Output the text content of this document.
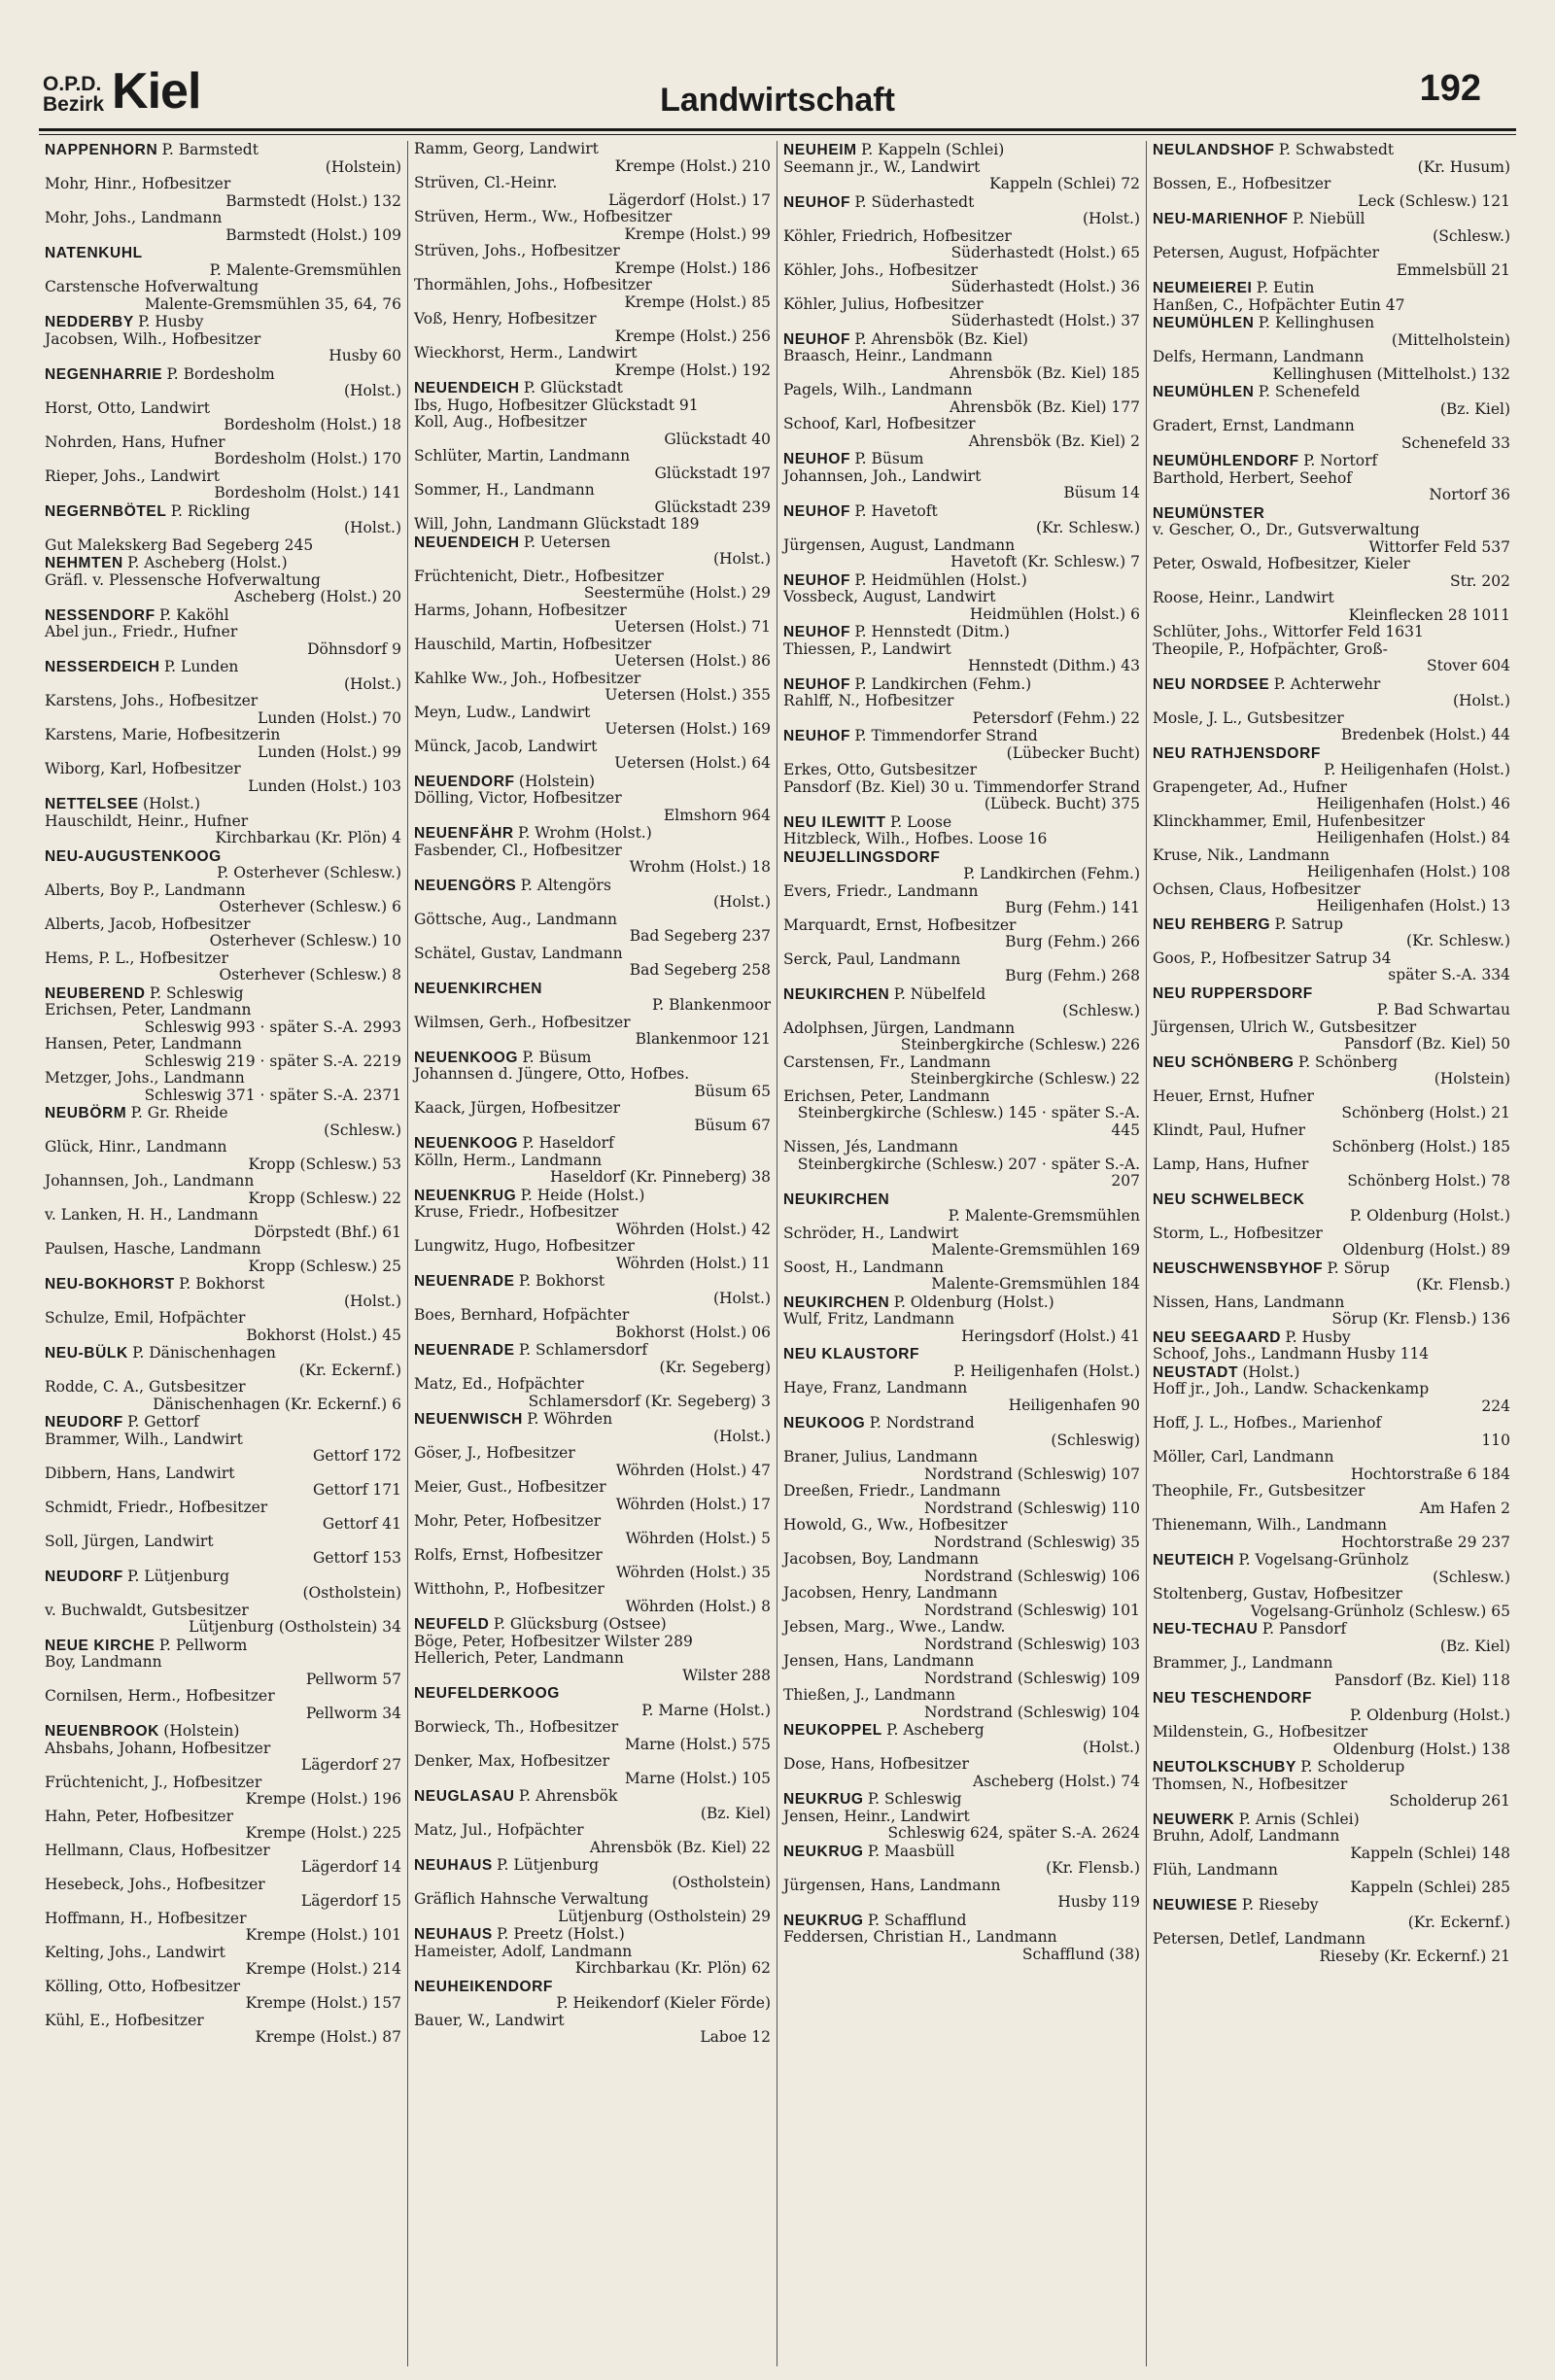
O.P.D.
Bezirk Kiel	Landwirtschaft	192
NAPPENHORN P. Barmstedt
(Holstein)
Mohr, Hinr., Hofbesitzer
Barmstedt (Holst.) 132
Mohr, Johs., Landmann
Barmstedt (Holst.) 109
NATENKUHL
P. Malente-Gremsmühlen
Carstensche Hofverwaltung
Malente-Gremsmühlen 35, 64, 76
NEDDERBY P. Husby
Jacobsen, Wilh., Hofbesitzer
Husby 60
NEGENHARRIE P. Bordesholm
(Holst.)
Horst, Otto, Landwirt
Bordesholm (Holst.) 18
Nohrden, Hans, Hufner
Bordesholm (Holst.) 170
Rieper, Johs., Landwirt
Bordesholm (Holst.) 141
NEGERNBÖTEL P. Rickling
(Holst.)
Gut Malekskerg Bad Segeberg 245
NEHMTEN P. Ascheberg (Holst.)
Gräfl. v. Plessensche Hofverwaltung
Ascheberg (Holst.) 20
NESSENDORF P. Kaköhl
Abel jun., Friedr., Hufner
Döhnsdorf 9
NESSERDEICH P. Lunden
(Holst.)
Karstens, Johs., Hofbesitzer
Lunden (Holst.) 70
Karstens, Marie, Hofbesitzerin
Lunden (Holst.) 99
Wiborg, Karl, Hofbesitzer
Lunden (Holst.) 103
NETTELSEE (Holst.)
Hauschildt, Heinr., Hufner
Kirchbarkau (Kr. Plön) 4
NEU-AUGUSTENKOOG
P. Osterhever (Schlesw.)
Alberts, Boy P., Landmann
Osterhever (Schlesw.) 6
Alberts, Jacob, Hofbesitzer
Osterhever (Schlesw.) 10
Hems, P. L., Hofbesitzer
Osterhever (Schlesw.) 8
NEUBEREND P. Schleswig
Erichsen, Peter, Landmann
Schleswig 993 · später S.-A. 2993
Hansen, Peter, Landmann
Schleswig 219 · später S.-A. 2219
Metzger, Johs., Landmann
Schleswig 371 · später S.-A. 2371
NEUBÖRM P. Gr. Rheide
(Schlesw.)
Glück, Hinr., Landmann
Kropp (Schlesw.) 53
Johannsen, Joh., Landmann
Kropp (Schlesw.) 22
v. Lanken, H. H., Landmann
Dörpstedt (Bhf.) 61
Paulsen, Hasche, Landmann
Kropp (Schlesw.) 25
NEU-BOKHORST P. Bokhorst
(Holst.)
Schulze, Emil, Hofpächter
Bokhorst (Holst.) 45
NEU-BÜLK P. Dänischenhagen
(Kr. Eckernf.)
Rodde, C. A., Gutsbesitzer
Dänischenhagen (Kr. Eckernf.) 6
NEUDORF P. Gettorf
Brammer, Wilh., Landwirt
Gettorf 172
Dibbern, Hans, Landwirt
Gettorf 171
Schmidt, Friedr., Hofbesitzer
Gettorf 41
Soll, Jürgen, Landwirt
Gettorf 153
NEUDORF P. Lütjenburg
(Ostholstein)
v. Buchwaldt, Gutsbesitzer
Lütjenburg (Ostholstein) 34
NEUE KIRCHE P. Pellworm
Boy, Landmann
Pellworm 57
Cornilsen, Herm., Hofbesitzer
Pellworm 34
NEUENBROOK (Holstein)
Ahsbahs, Johann, Hofbesitzer
Lägerdorf 27
Früchtenicht, J., Hofbesitzer
Krempe (Holst.) 196
Hahn, Peter, Hofbesitzer
Krempe (Holst.) 225
Hellmann, Claus, Hofbesitzer
Lägerdorf 14
Hesebeck, Johs., Hofbesitzer
Lägerdorf 15
Hoffmann, H., Hofbesitzer
Krempe (Holst.) 101
Kelting, Johs., Landwirt
Krempe (Holst.) 214
Kölling, Otto, Hofbesitzer
Krempe (Holst.) 157
Kühl, E., Hofbesitzer
Krempe (Holst.) 87
Ramm, Georg, Landwirt
Krempe (Holst.) 210
Strüven, Cl.-Heinr.
Lägerdorf (Holst.) 17
Strüven, Herm., Ww., Hofbesitzer
Krempe (Holst.) 99
Strüven, Johs., Hofbesitzer
Krempe (Holst.) 186
Thormählen, Johs., Hofbesitzer
Krempe (Holst.) 85
Voß, Henry, Hofbesitzer
Krempe (Holst.) 256
Wieckhorst, Herm., Landwirt
Krempe (Holst.) 192
NEUENDEICH P. Glückstadt
Ibs, Hugo, Hofbesitzer Glückstadt 91
Koll, Aug., Hofbesitzer
Glückstadt 40
Schlüter, Martin, Landmann
Glückstadt 197
Sommer, H., Landmann
Glückstadt 239
Will, John, Landmann Glückstadt 189
NEUENDEICH P. Uetersen
(Holst.)
Früchtenicht, Dietr., Hofbesitzer
Seestermühe (Holst.) 29
Harms, Johann, Hofbesitzer
Uetersen (Holst.) 71
Hauschild, Martin, Hofbesitzer
Uetersen (Holst.) 86
Kahlke Ww., Joh., Hofbesitzer
Uetersen (Holst.) 355
Meyn, Ludw., Landwirt
Uetersen (Holst.) 169
Münck, Jacob, Landwirt
Uetersen (Holst.) 64
NEUENDORF (Holstein)
Dölling, Victor, Hofbesitzer
Elmshorn 964
NEUENFÄHR P. Wrohm (Holst.)
Fasbender, Cl., Hofbesitzer
Wrohm (Holst.) 18
NEUENGÖRS P. Altengörs
(Holst.)
Göttsche, Aug., Landmann
Bad Segeberg 237
Schätel, Gustav, Landmann
Bad Segeberg 258
NEUENKIRCHEN
P. Blankenmoor
Wilmsen, Gerh., Hofbesitzer
Blankenmoor 121
NEUENKOOG P. Büsum
Johannsen d. Jüngere, Otto, Hofbes.
Büsum 65
Kaack, Jürgen, Hofbesitzer
Büsum 67
NEUENKOOG P. Haseldorf
Kölln, Herm., Landmann
Haseldorf (Kr. Pinneberg) 38
NEUENKRUG P. Heide (Holst.)
Kruse, Friedr., Hofbesitzer
Wöhrden (Holst.) 42
Lungwitz, Hugo, Hofbesitzer
Wöhrden (Holst.) 11
NEUENRADE P. Bokhorst
(Holst.)
Boes, Bernhard, Hofpächter
Bokhorst (Holst.) 06
NEUENRADE P. Schlamersdorf
(Kr. Segeberg)
Matz, Ed., Hofpächter
Schlamersdorf (Kr. Segeberg) 3
NEUENWISCH P. Wöhrden
(Holst.)
Göser, J., Hofbesitzer
Wöhrden (Holst.) 47
Meier, Gust., Hofbesitzer
Wöhrden (Holst.) 17
Mohr, Peter, Hofbesitzer
Wöhrden (Holst.) 5
Rolfs, Ernst, Hofbesitzer
Wöhrden (Holst.) 35
Witthohn, P., Hofbesitzer
Wöhrden (Holst.) 8
NEUFELD P. Glücksburg (Ostsee)
Böge, Peter, Hofbesitzer Wilster 289
Hellerich, Peter, Landmann
Wilster 288
NEUFELDERKOOG
P. Marne (Holst.)
Borwieck, Th., Hofbesitzer
Marne (Holst.) 575
Denker, Max, Hofbesitzer
Marne (Holst.) 105
NEUGLASAU P. Ahrensbök
(Bz. Kiel)
Matz, Jul., Hofpächter
Ahrensbök (Bz. Kiel) 22
NEUHAUS P. Lütjenburg
(Ostholstein)
Gräflich Hahnsche Verwaltung
Lütjenburg (Ostholstein) 29
NEUHAUS P. Preetz (Holst.)
Hameister, Adolf, Landmann
Kirchbarkau (Kr. Plön) 62
NEUHEIKENDORF
P. Heikendorf (Kieler Förde)
Bauer, W., Landwirt
Laboe 12
NEUHEIM P. Kappeln (Schlei)
Seemann jr., W., Landwirt
Kappeln (Schlei) 72
NEUHOF P. Süderhastedt
(Holst.)
Köhler, Friedrich, Hofbesitzer
Süderhastedt (Holst.) 65
Köhler, Johs., Hofbesitzer
Süderhastedt (Holst.) 36
Köhler, Julius, Hofbesitzer
Süderhastedt (Holst.) 37
NEUHOF P. Ahrensbök (Bz. Kiel)
Braasch, Heinr., Landmann
Ahrensbök (Bz. Kiel) 185
Pagels, Wilh., Landmann
Ahrensbök (Bz. Kiel) 177
Schoof, Karl, Hofbesitzer
Ahrensbök (Bz. Kiel) 2
NEUHOF P. Büsum
Johannsen, Joh., Landwirt
Büsum 14
NEUHOF P. Havetoft
(Kr. Schlesw.)
Jürgensen, August, Landmann
Havetoft (Kr. Schlesw.) 7
NEUHOF P. Heidmühlen (Holst.)
Vossbeck, August, Landwirt
Heidmühlen (Holst.) 6
NEUHOF P. Hennstedt (Ditm.)
Thiessen, P., Landwirt
Hennstedt (Dithm.) 43
NEUHOF P. Landkirchen (Fehm.)
Rahlff, N., Hofbesitzer
Petersdorf (Fehm.) 22
NEUHOF P. Timmendorfer Strand
(Lübecker Bucht)
Erkes, Otto, Gutsbesitzer
Pansdorf (Bz. Kiel) 30 u. Timmendorfer Strand (Lübeck. Bucht) 375
NEU ILEWITT P. Loose
Hitzbleck, Wilh., Hofbes. Loose 16
NEUJELLINGSDORF
P. Landkirchen (Fehm.)
Evers, Friedr., Landmann
Burg (Fehm.) 141
Marquardt, Ernst, Hofbesitzer
Burg (Fehm.) 266
Serck, Paul, Landmann
Burg (Fehm.) 268
NEUKIRCHEN P. Nübelfeld
(Schlesw.)
Adolphsen, Jürgen, Landmann
Steinbergkirche (Schlesw.) 226
Carstensen, Fr., Landmann
Steinbergkirche (Schlesw.) 22
Erichsen, Peter, Landmann
Steinbergkirche (Schlesw.) 145 · später S.-A. 445
Nissen, Jés, Landmann
Steinbergkirche (Schlesw.) 207 · später S.-A. 207
NEUKIRCHEN
P. Malente-Gremsmühlen
Schröder, H., Landwirt
Malente-Gremsmühlen 169
Soost, H., Landmann
Malente-Gremsmühlen 184
NEUKIRCHEN P. Oldenburg (Holst.)
Wulf, Fritz, Landmann
Heringsdorf (Holst.) 41
NEU KLAUSTORF
P. Heiligenhafen (Holst.)
Haye, Franz, Landmann
Heiligenhafen 90
NEUKOOG P. Nordstrand
(Schleswig)
Braner, Julius, Landmann
Nordstrand (Schleswig) 107
Dreeßen, Friedr., Landmann
Nordstrand (Schleswig) 110
Howold, G., Ww., Hofbesitzer
Nordstrand (Schleswig) 35
Jacobsen, Boy, Landmann
Nordstrand (Schleswig) 106
Jacobsen, Henry, Landmann
Nordstrand (Schleswig) 101
Jebsen, Marg., Wwe., Landw.
Nordstrand (Schleswig) 103
Jensen, Hans, Landmann
Nordstrand (Schleswig) 109
Thießen, J., Landmann
Nordstrand (Schleswig) 104
NEUKOPPEL P. Ascheberg
(Holst.)
Dose, Hans, Hofbesitzer
Ascheberg (Holst.) 74
NEUKRUG P. Schleswig
Jensen, Heinr., Landwirt
Schleswig 624, später S.-A. 2624
NEUKRUG P. Maasbüll
(Kr. Flensb.)
Jürgensen, Hans, Landmann
Husby 119
NEUKRUG P. Schafflund
Feddersen, Christian H., Landmann
Schafflund (38)
NEULANDSHOF P. Schwabstedt
(Kr. Husum)
Bossen, E., Hofbesitzer
Leck (Schlesw.) 121
NEU-MARIENHOF P. Niebüll
(Schlesw.)
Petersen, August, Hofpächter
Emmelsbüll 21
NEUMEIEREI P. Eutin
Hanßen, C., Hofpächter Eutin 47
NEUMÜHLEN P. Kellinghusen
(Mittelholstein)
Delfs, Hermann, Landmann
Kellinghusen (Mittelholst.) 132
NEUMÜHLEN P. Schenefeld
(Bz. Kiel)
Gradert, Ernst, Landmann
Schenefeld 33
NEUMÜHLENDORF P. Nortorf
Barthold, Herbert, Seehof
Nortorf 36
NEUMÜNSTER
v. Gescher, O., Dr., Gutsverwaltung
Wittorfer Feld 537
Peter, Oswald, Hofbesitzer, Kieler
Str. 202
Roose, Heinr., Landwirt
Kleinflecken 28 1011
Schlüter, Johs., Wittorfer Feld 1631
Theopile, P., Hofpächter, Groß-
Stover 604
NEU NORDSEE P. Achterwehr
(Holst.)
Mosle, J. L., Gutsbesitzer
Bredenbek (Holst.) 44
NEU RATHJENSDORF
P. Heiligenhafen (Holst.)
Grapengeter, Ad., Hufner
Heiligenhafen (Holst.) 46
Klinckhammer, Emil, Hufenbesitzer
Heiligenhafen (Holst.) 84
Kruse, Nik., Landmann
Heiligenhafen (Holst.) 108
Ochsen, Claus, Hofbesitzer
Heiligenhafen (Holst.) 13
NEU REHBERG P. Satrup
(Kr. Schlesw.)
Goos, P., Hofbesitzer Satrup 34
später S.-A. 334
NEU RUPPERSDORF
P. Bad Schwartau
Jürgensen, Ulrich W., Gutsbesitzer
Pansdorf (Bz. Kiel) 50
NEU SCHÖNBERG P. Schönberg
(Holstein)
Heuer, Ernst, Hufner
Schönberg (Holst.) 21
Klindt, Paul, Hufner
Schönberg (Holst.) 185
Lamp, Hans, Hufner
Schönberg Holst.) 78
NEU SCHWELBECK
P. Oldenburg (Holst.)
Storm, L., Hofbesitzer
Oldenburg (Holst.) 89
NEUSCHWENSBYHOF P. Sörup
(Kr. Flensb.)
Nissen, Hans, Landmann
Sörup (Kr. Flensb.) 136
NEU SEEGAARD P. Husby
Schoof, Johs., Landmann Husby 114
NEUSTADT (Holst.)
Hoff jr., Joh., Landw. Schackenkamp
224
Hoff, J. L., Hofbes., Marienhof
110
Möller, Carl, Landmann
Hochtorstraße 6 184
Theophile, Fr., Gutsbesitzer
Am Hafen 2
Thienemann, Wilh., Landmann
Hochtorstraße 29 237
NEUTEICH P. Vogelsang-Grünholz
(Schlesw.)
Stoltenberg, Gustav, Hofbesitzer
Vogelsang-Grünholz (Schlesw.) 65
NEU-TECHAU P. Pansdorf
(Bz. Kiel)
Brammer, J., Landmann
Pansdorf (Bz. Kiel) 118
NEU TESCHENDORF
P. Oldenburg (Holst.)
Mildenstein, G., Hofbesitzer
Oldenburg (Holst.) 138
NEUTOLKSCHUBY P. Scholderup
Thomsen, N., Hofbesitzer
Scholderup 261
NEUWERK P. Arnis (Schlei)
Bruhn, Adolf, Landmann
Kappeln (Schlei) 148
Flüh, Landmann
Kappeln (Schlei) 285
NEUWIESE P. Rieseby
(Kr. Eckernf.)
Petersen, Detlef, Landmann
Rieseby (Kr. Eckernf.) 21
